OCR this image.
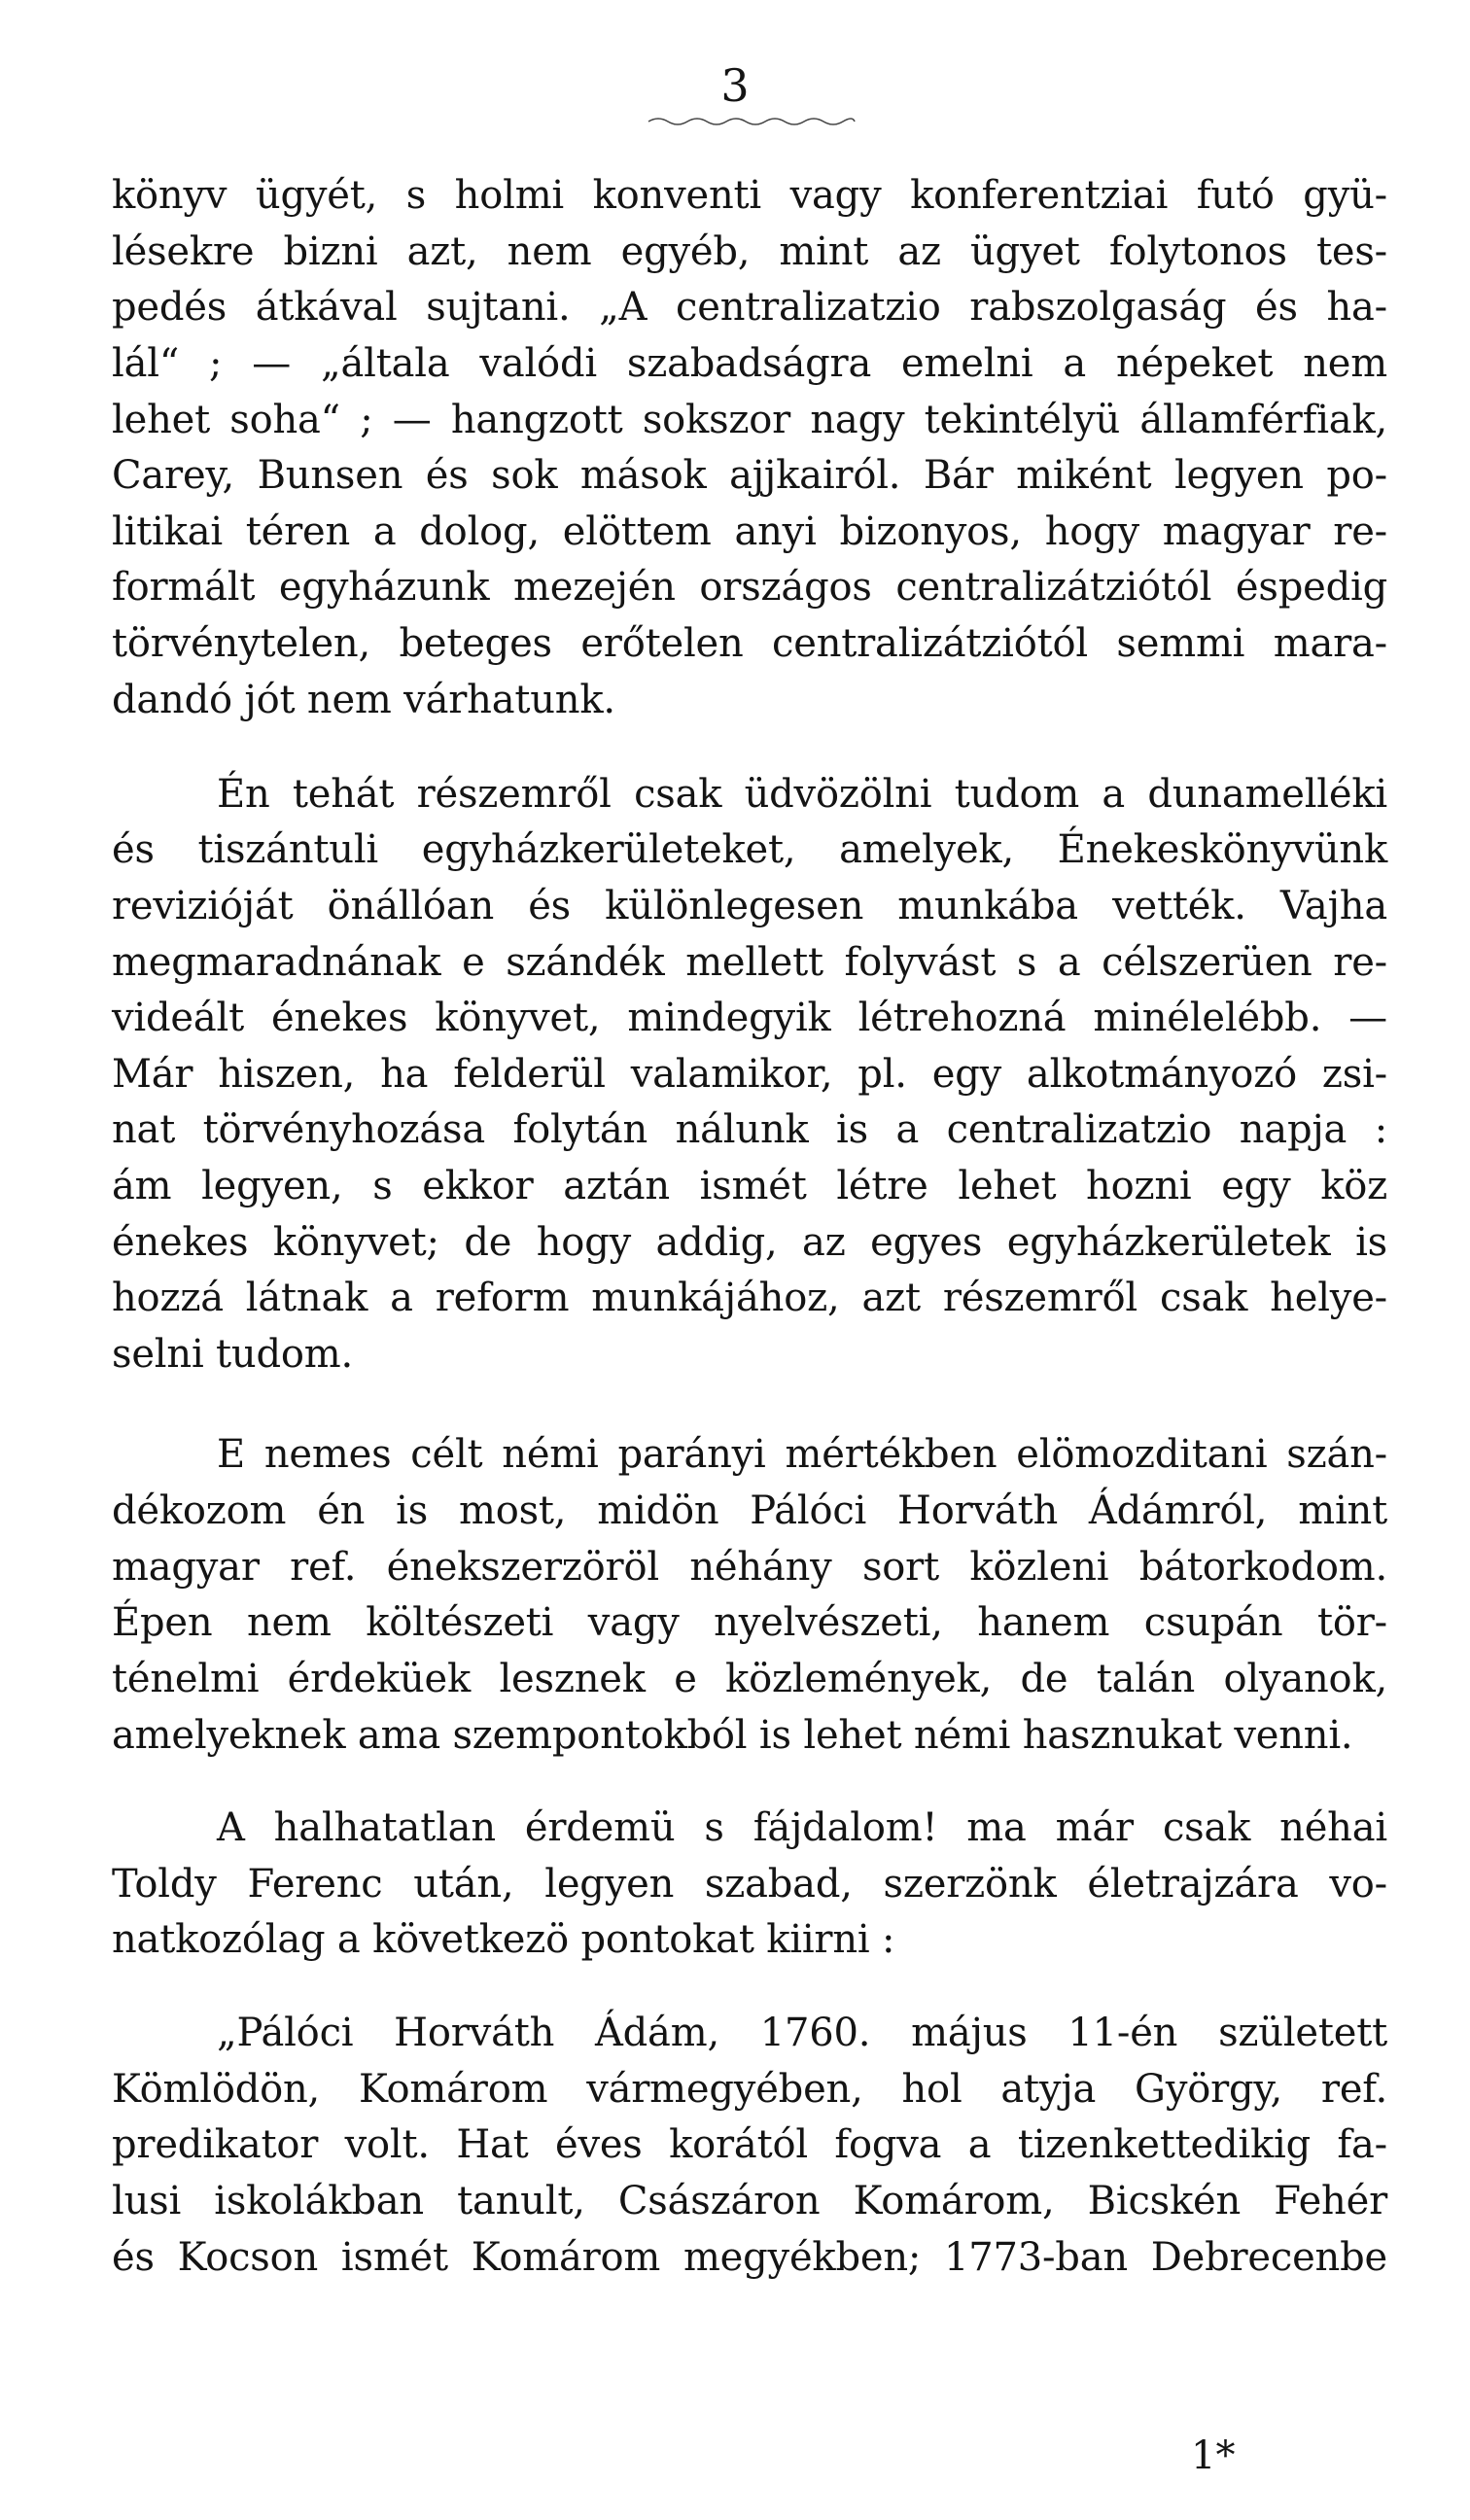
3
könyv ügyét, s holmi konventi vagy konferentziai futó gyü-
lésekre bizni azt, nem egyéb, mint az ügyet folytonos tes-
pedés átkával sujtani. „A centralizatzio rabszolgaság és ha-
lál“ ; — „általa valódi szabadságra emelni a népeket nem
lehet soha“ ; — hangzott sokszor nagy tekintélyü államférfiak,
Carey, Bunsen és sok mások ajjkairól. Bár miként legyen po-
litikai téren a dolog, elöttem anyi bizonyos, hogy magyar re-
formált egyházunk mezején országos centralizátziótól éspedig
törvénytelen, beteges erőtelen centralizátziótól semmi mara-
dandó jót nem várhatunk.
Én tehát részemről csak üdvözölni tudom a dunamelléki
és tiszántuli egyházkerületeket, amelyek, Énekeskönyvünk
revizióját önállóan és különlegesen munkába vették. Vajha
megmaradnának e szándék mellett folyvást s a célszerüen re-
videált énekes könyvet, mindegyik létrehozná minélelébb. —
Már hiszen, ha felderül valamikor, pl. egy alkotmányozó zsi-
nat törvényhozása folytán nálunk is a centralizatzio napja :
ám legyen, s ekkor aztán ismét létre lehet hozni egy köz
énekes könyvet; de hogy addig, az egyes egyházkerületek is
hozzá látnak a reform munkájához, azt részemről csak helye-
selni tudom.
E nemes célt némi parányi mértékben elömozditani szán-
dékozom én is most, midön Pálóci Horváth Ádámról, mint
magyar ref. énekszerzöröl néhány sort közleni bátorkodom.
Épen nem költészeti vagy nyelvészeti, hanem csupán tör-
ténelmi érdeküek lesznek e közlemények, de talán olyanok,
amelyeknek ama szempontokból is lehet némi hasznukat venni.
A halhatatlan érdemü s fájdalom! ma már csak néhai
Toldy Ferenc után, legyen szabad, szerzönk életrajzára vo-
natkozólag a következö pontokat kiirni :
„Pálóci Horváth Ádám, 1760. május 11-én született
Kömlödön, Komárom vármegyében, hol atyja György, ref.
predikator volt. Hat éves korától fogva a tizenkettedikig fa-
lusi iskolákban tanult, Császáron Komárom, Bicskén Fehér
és Kocson ismét Komárom megyékben; 1773-ban Debrecenbe
1*
